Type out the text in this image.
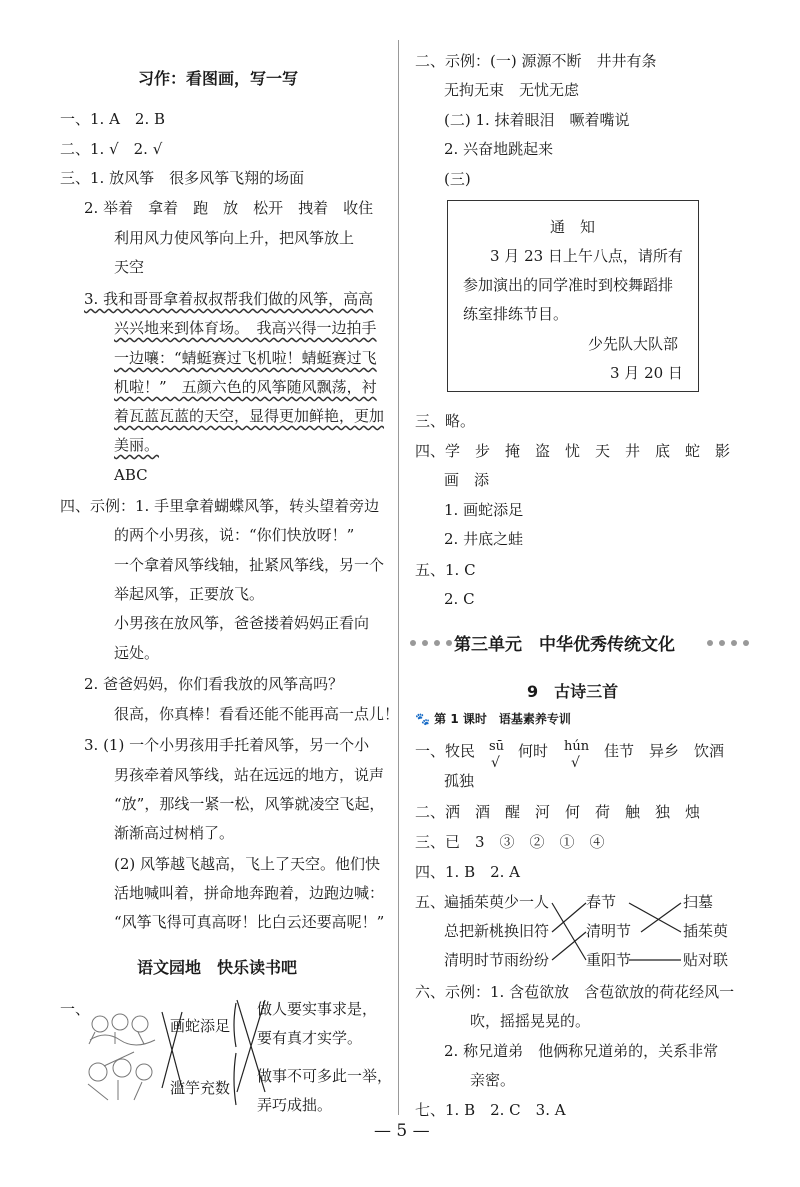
习作：看图画，写一写
一、1. A　2. B
二、1. √　2. √
三、1. 放风筝　很多风筝飞翔的场面
2. 举着　拿着　跑　放　松开　拽着　收住
利用风力使风筝向上升，把风筝放上
天空
3. 我和哥哥拿着叔叔帮我们做的风筝，高高
兴兴地来到体育场。　我高兴得一边拍手
一边嚷：“蜻蜓赛过飞机啦！蜻蜓赛过飞
机啦！”　五颜六色的风筝随风飘荡，衬
着瓦蓝瓦蓝的天空，显得更加鲜艳，更加
美丽。
ABC
四、示例：1. 手里拿着蝴蝶风筝，转头望着旁边
的两个小男孩，说：“你们快放呀！”
一个拿着风筝线轴，扯紧风筝线，另一个
举起风筝，正要放飞。
小男孩在放风筝，爸爸搂着妈妈正看向
远处。
2. 爸爸妈妈，你们看我放的风筝高吗？
很高，你真棒！看看还能不能再高一点儿！
3. (1) 一个小男孩用手托着风筝，另一个小
男孩牵着风筝线，站在远远的地方，说声
“放”，那线一紧一松，风筝就凌空飞起，
渐渐高过树梢了。
(2) 风筝越飞越高，飞上了天空。他们快
活地喊叫着，拼命地奔跑着，边跑边喊：
“风筝飞得可真高呀！比白云还要高呢！”
语文园地　快乐读书吧
一、
画蛇添足
滥竽充数
做人要实事求是，
要有真才实学。
做事不可多此一举，
弄巧成拙。
二、示例：(一) 源源不断　井井有条
无拘无束　无忧无虑
(二) 1. 抹着眼泪　噘着嘴说
2. 兴奋地跳起来
(三)
通　知
3 月 23 日上午八点，请所有
参加演出的同学准时到校舞蹈排
练室排练节目。
少先队大队部
3 月 20 日
三、略。
四、学　步　掩　盗　忧　天　井　底　蛇　影
画　添
1. 画蛇添足
2. 井底之蛙
五、1. C
2. C
第三单元　中华优秀传统文化
9　古诗三首
🐾 第 1 课时　语基素养专训
一、牧民 sū
√
何时 hún
√
佳节　异乡　饮酒
孤独
二、洒　酒　醒　河　何　荷　触　独　烛
三、已　3　③　②　①　④
四、1. B　2. A
五、
遍插茱萸少一人
总把新桃换旧符
清明时节雨纷纷
春节
清明节
重阳节
扫墓
插茱萸
贴对联
六、示例：1. 含苞欲放　含苞欲放的荷花经风一
吹，摇摇晃晃的。
2. 称兄道弟　他俩称兄道弟的，关系非常
亲密。
七、1. B　2. C　3. A
— 5 —
